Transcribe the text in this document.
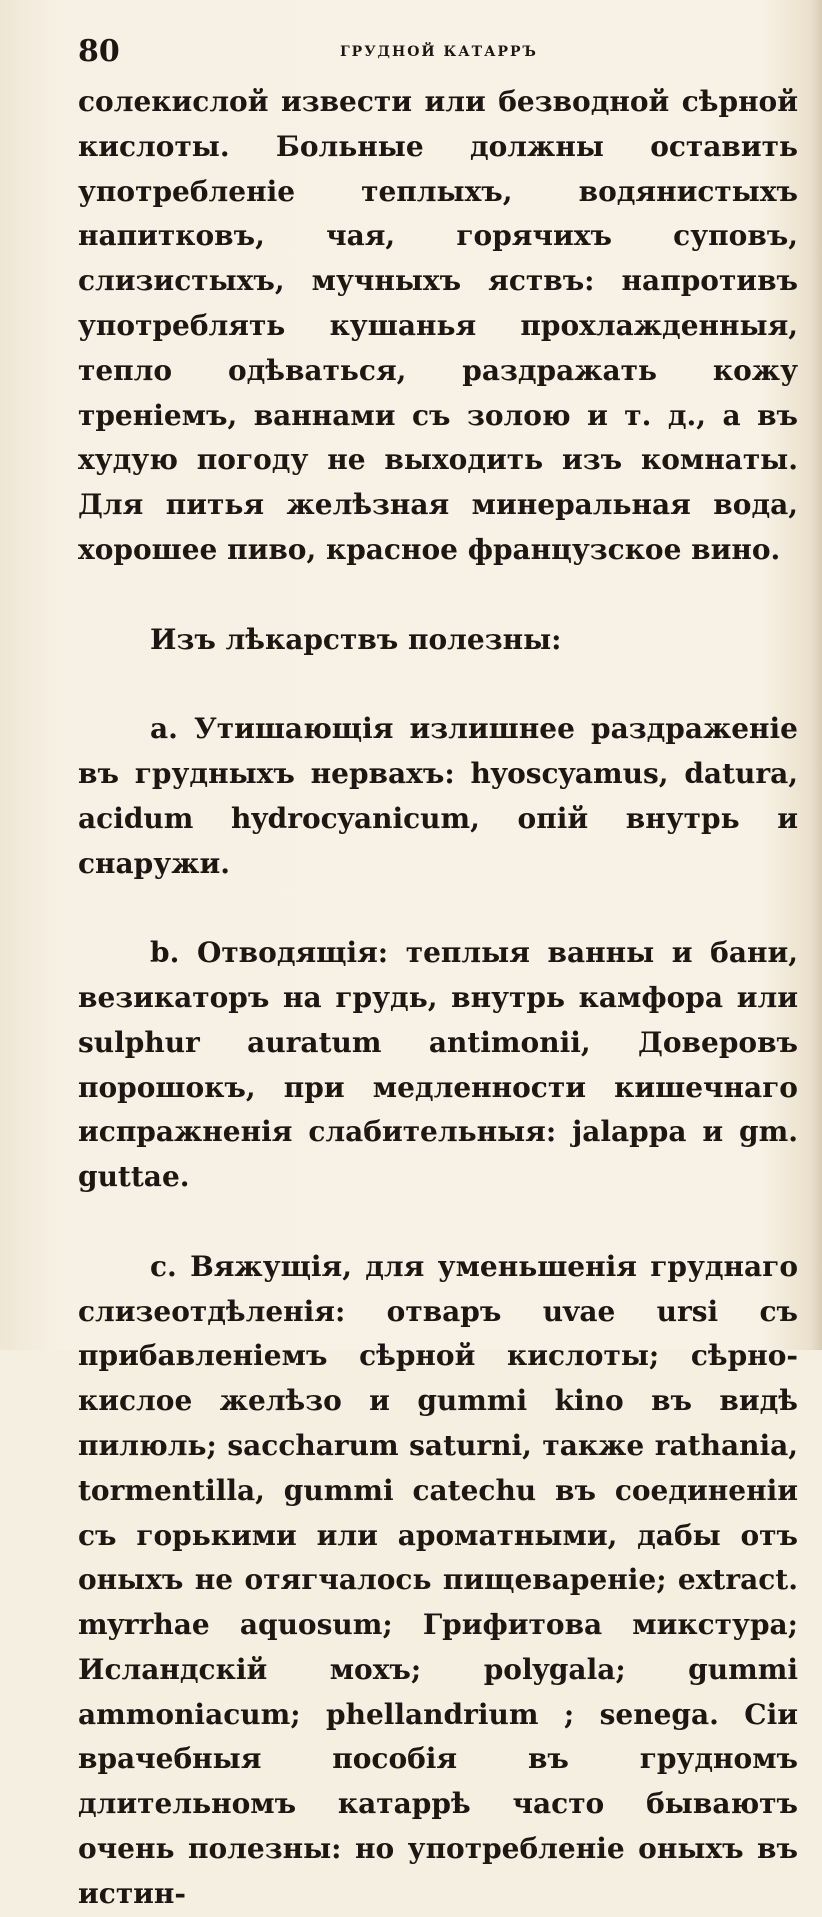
80	ГРУДНОЙ КАТАРРЪ

солекислой извести или безводной сѣрной кислоты. Больные должны оставить употребленіе теплыхъ, водянистыхъ напитковъ, чая, горячихъ суповъ, слизистыхъ, мучныхъ яствъ: напротивъ употреблять кушанья прохлажденныя, тепло одѣваться, раздражать кожу тренiемъ, ваннами съ золою и т. д., а въ худую погоду не выходить изъ комнаты. Для питья желѣзная минеральная вода, хорошее пиво, красное французское вино.

Изъ лѣкарствъ полезны:

a. Утишающія излишнее раздраженіе въ грудныхъ нервахъ: hyoscyamus, datura, acidum hydrocyanicum, опій внутрь и снаружи.

b. Отводящія: теплыя ванны и бани, везикаторъ на грудь, внутрь камфора или sulphur auratum antimonii, Доверовъ порошокъ, при медленности кишечнаго испражненія слабительныя: jalappa и gm. guttae.

c. Вяжущія, для уменьшенія груднаго слизеотдѣленія: отваръ uvae ursi съ прибавленiемъ сѣрной кислоты; сѣрно-кислое желѣзо и gummi kino въ видѣ пилюль; saccharum saturni, также rathania, tormentilla, gummi catechu въ соединеніи съ горькими или ароматными, дабы отъ оныхъ не отягчалось пищевареніе; extract. myrrhae aquosum; Грифитова микстура; Исландскій мохъ; polygala; gummi ammoniacum; phellandrium ; senega. Сіи врачебныя пособія въ грудномъ длительномъ катаррѣ часто бываютъ очень полезны: но употребленіе оныхъ въ истин-
